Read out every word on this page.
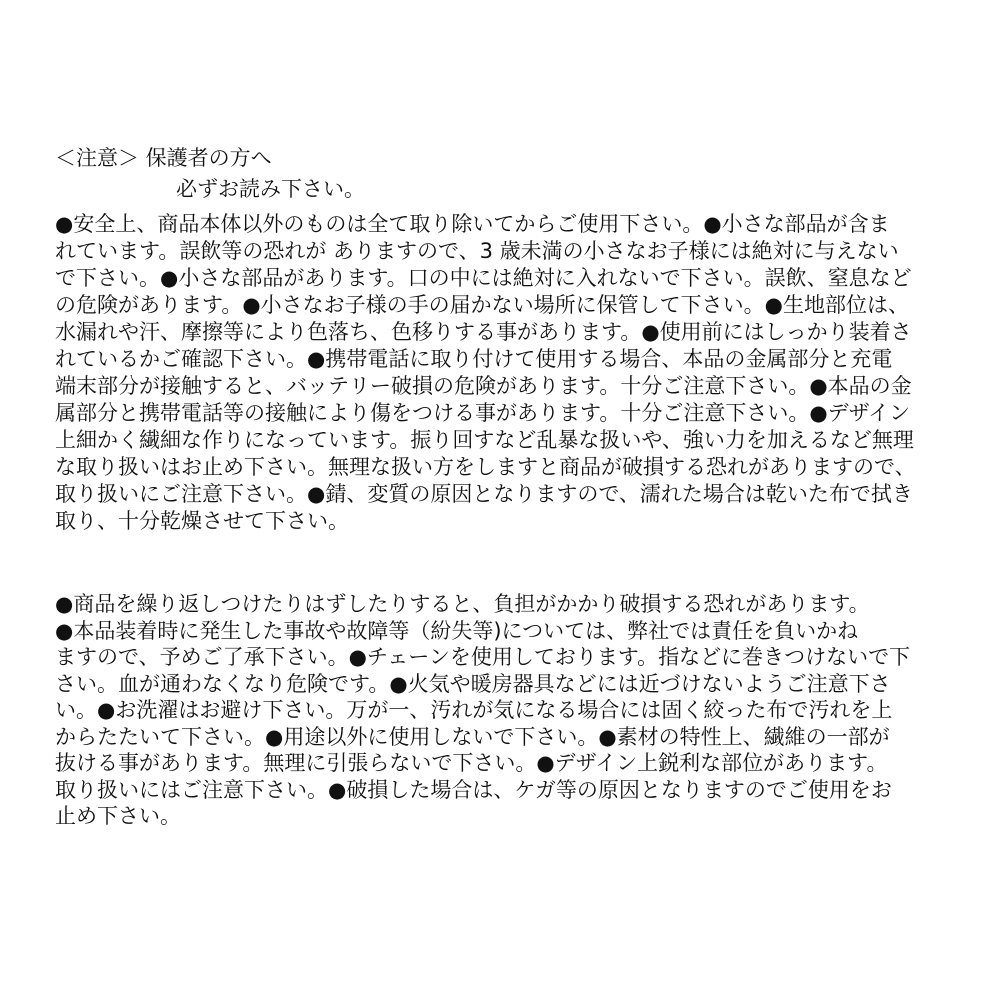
＜注意＞ 保護者の方へ
必ずお読み下さい。
●安全上、商品本体以外のものは全て取り除いてからご使用下さい。●小さな部品が含ま
れています。誤飲等の恐れが ありますので、3 歳未満の小さなお子様には絶対に与えない
で下さい。●小さな部品があります。口の中には絶対に入れないで下さい。誤飲、窒息など
の危険があります。●小さなお子様の手の届かない場所に保管して下さい。●生地部位は、
水漏れや汗、摩擦等により色落ち、色移りする事があります。●使用前にはしっかり装着さ
れているかご確認下さい。●携帯電話に取り付けて使用する場合、本品の金属部分と充電
端末部分が接触すると、バッテリー破損の危険があります。十分ご注意下さい。●本品の金
属部分と携帯電話等の接触により傷をつける事があります。十分ご注意下さい。●デザイン
上細かく繊細な作りになっています。振り回すなど乱暴な扱いや、強い力を加えるなど無理
な取り扱いはお止め下さい。無理な扱い方をしますと商品が破損する恐れがありますので、
取り扱いにご注意下さい。●錆、変質の原因となりますので、濡れた場合は乾いた布で拭き
取り、十分乾燥させて下さい。
●商品を繰り返しつけたりはずしたりすると、負担がかかり破損する恐れがあります。
●本品装着時に発生した事故や故障等（紛失等)については、弊社では責任を負いかね
ますので、予めご了承下さい。●チェーンを使用しております。指などに巻きつけないで下
さい。血が通わなくなり危険です。●火気や暖房器具などには近づけないようご注意下さ
い。●お洗濯はお避け下さい。万が一、汚れが気になる場合には固く絞った布で汚れを上
からたたいて下さい。●用途以外に使用しないで下さい。●素材の特性上、繊維の一部が
抜ける事があります。無理に引張らないで下さい。●デザイン上鋭利な部位があります。
取り扱いにはご注意下さい。●破損した場合は、ケガ等の原因となりますのでご使用をお
止め下さい。
